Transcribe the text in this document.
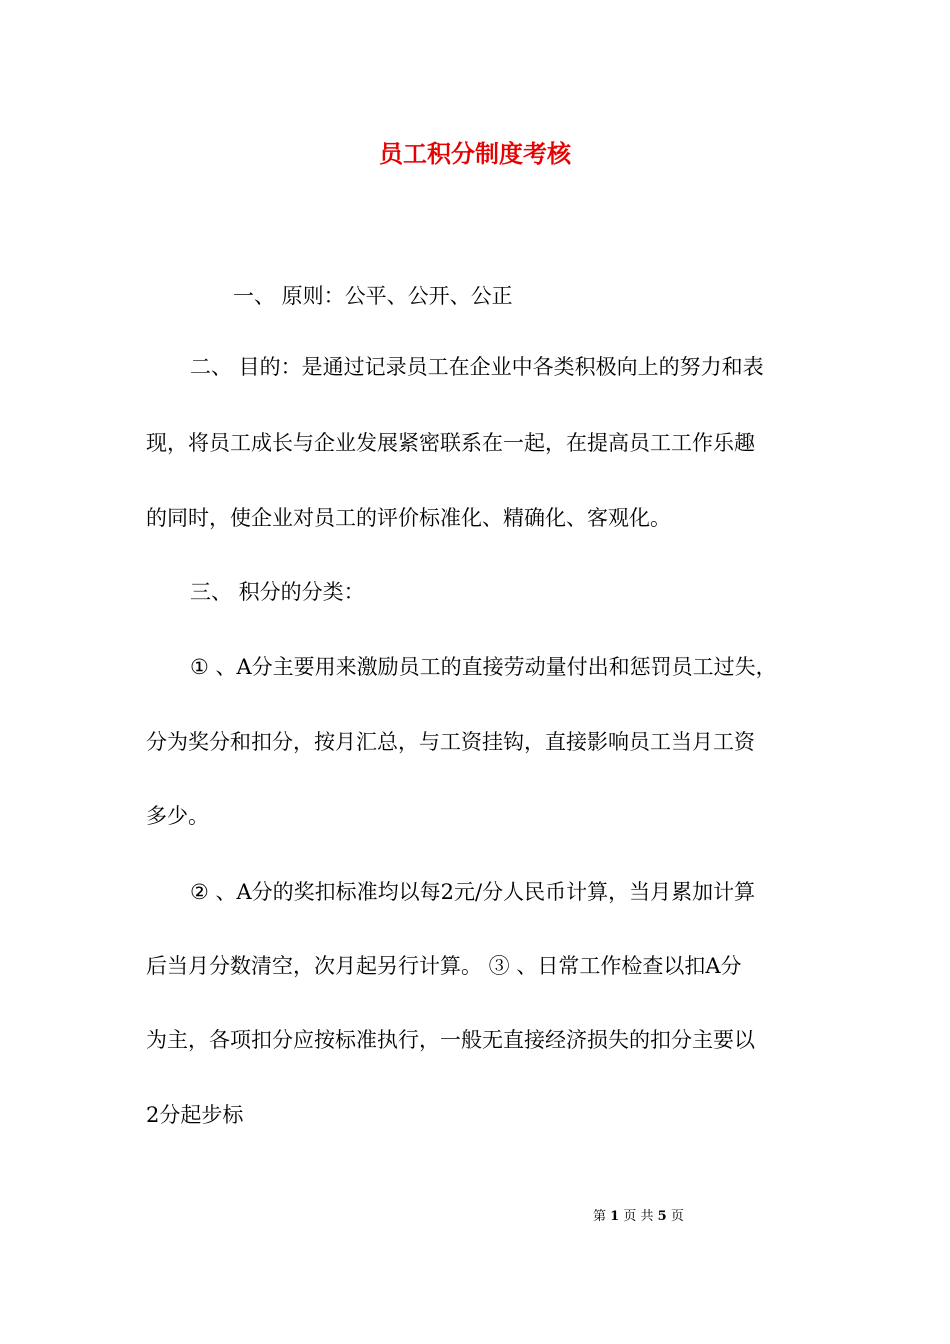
员工积分制度考核
一、 原则：公平、公开、公正
二、 目的：是通过记录员工在企业中各类积极向上的努力和表
现，将员工成长与企业发展紧密联系在一起，在提高员工工作乐趣
的同时，使企业对员工的评价标准化、精确化、客观化。
三、 积分的分类：
① 、A分主要用来激励员工的直接劳动量付出和惩罚员工过失，
分为奖分和扣分，按月汇总，与工资挂钩，直接影响员工当月工资
多少。
② 、A分的奖扣标准均以每2元/分人民币计算，当月累加计算
后当月分数清空，次月起另行计算。 ③ 、日常工作检查以扣A分
为主，各项扣分应按标准执行，一般无直接经济损失的扣分主要以
2分起步标
第 1 页 共 5 页
